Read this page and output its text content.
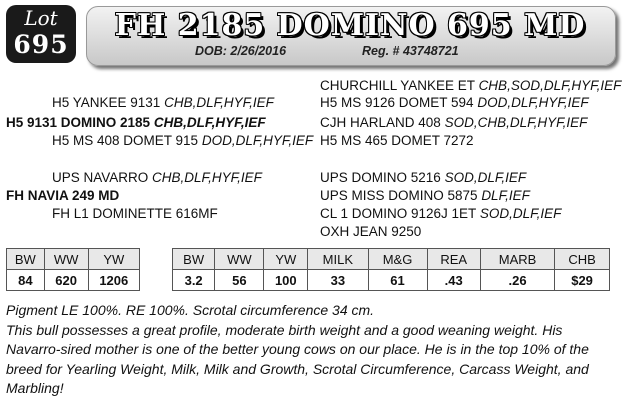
Lot
695
FH 2185 DOMINO 695 MD
DOB: 2/26/2016	Reg. # 43748721
CHURCHILL YANKEE ET CHB,SOD,DLF,HYF,IEF
H5 YANKEE 9131 CHB,DLF,HYF,IEF	H5 MS 9126 DOMET 594 DOD,DLF,HYF,IEF
H5 9131 DOMINO 2185 CHB,DLF,HYF,IEF	CJH HARLAND 408 SOD,CHB,DLF,HYF,IEF
H5 MS 408 DOMET 915 DOD,DLF,HYF,IEF H5 MS 465 DOMET 7272
UPS NAVARRO CHB,DLF,HYF,IEF	UPS DOMINO 5216 SOD,DLF,IEF
FH NAVIA 249 MD	UPS MISS DOMINO 5875 DLF,IEF
FH L1 DOMINETTE 616MF	CL 1 DOMINO 9126J 1ET SOD,DLF,IEF
OXH JEAN 9250
BW	WW	YW
84	620	1206
BW	WW	YW	MILK	M&G	REA	MARB	CHB
3.2	56	100	33	61	.43	.26	$29

Pigment LE 100%. RE 100%. Scrotal circumference 34 cm.

This bull possesses a great profile, moderate birth weight and a good weaning weight. His Navarro-sired mother is one of the better young cows on our place. He is in the top 10% of the breed for Yearling Weight, Milk, Milk and Growth, Scrotal Circumference, Carcass Weight, and Marbling!
